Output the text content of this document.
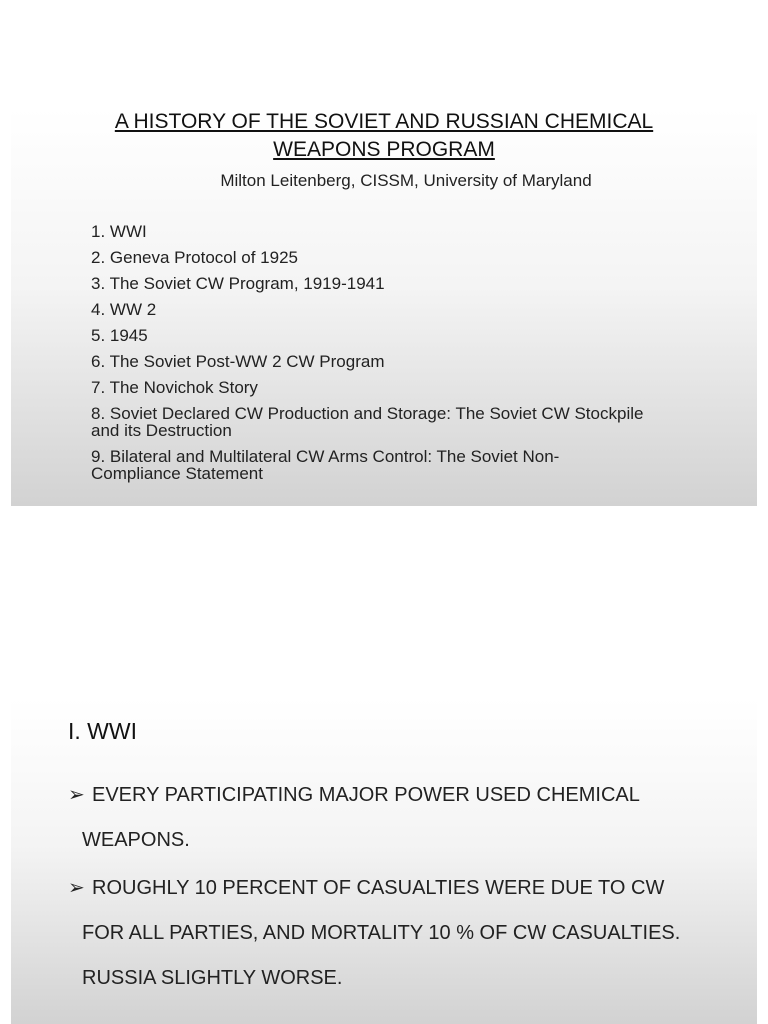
A HISTORY OF THE SOVIET AND RUSSIAN CHEMICAL
WEAPONS PROGRAM
Milton Leitenberg, CISSM, University of Maryland
1. WWI
2. Geneva Protocol of 1925
3. The Soviet CW Program, 1919-1941
4. WW 2
5. 1945
6. The Soviet Post-WW 2 CW Program
7. The Novichok Story
8. Soviet Declared CW Production and Storage: The Soviet CW Stockpile
and its Destruction
9. Bilateral and Multilateral CW Arms Control: The Soviet Non-
Compliance Statement
I. WWI
➢ EVERY PARTICIPATING MAJOR POWER USED CHEMICAL
WEAPONS.
➢ ROUGHLY 10 PERCENT OF CASUALTIES WERE DUE TO CW
FOR ALL PARTIES, AND MORTALITY 10 % OF CW CASUALTIES.
RUSSIA SLIGHTLY WORSE.
